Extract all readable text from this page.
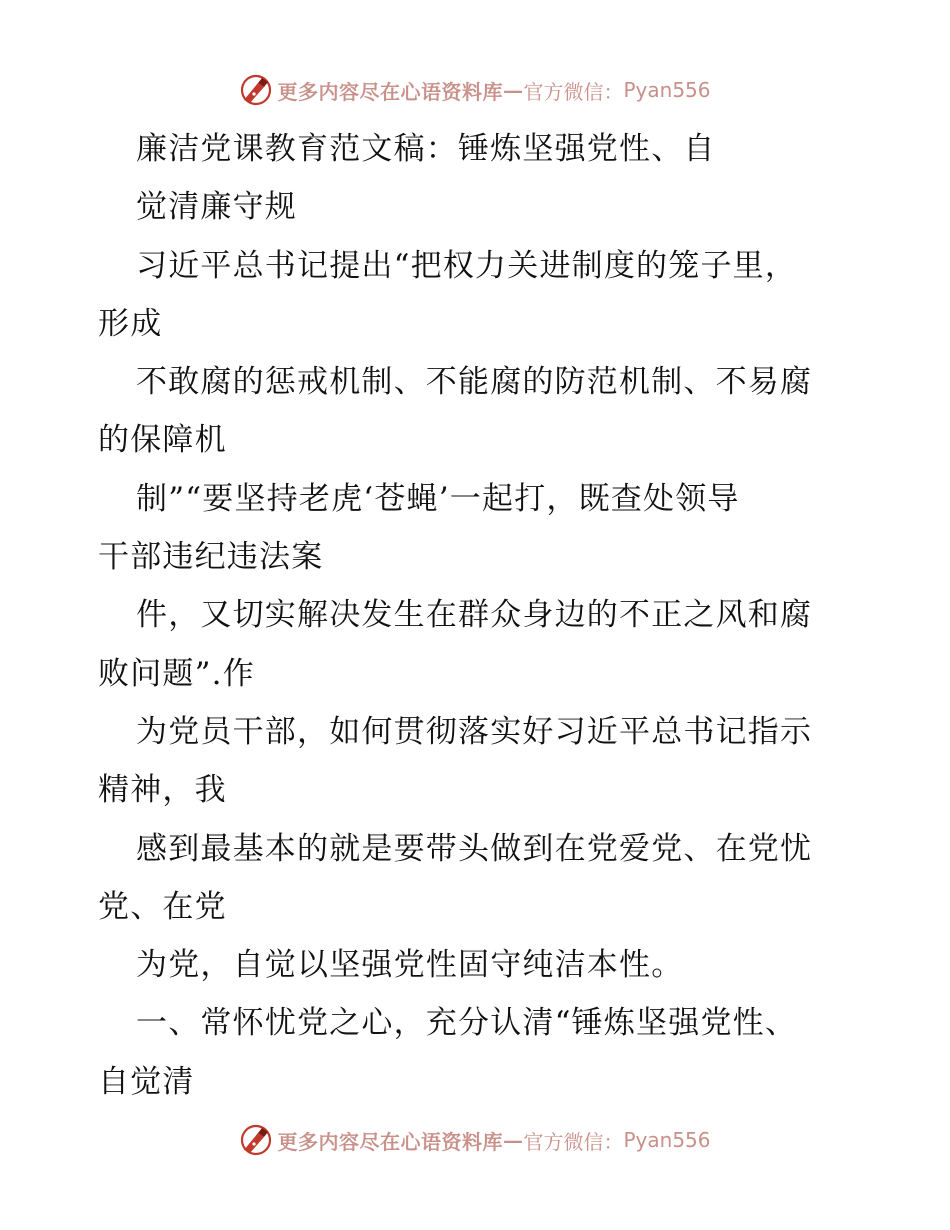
更多内容尽在心语资料库 — 官方微信： Pyan556
廉洁党课教育范文稿：锤炼坚强党性、自
觉清廉守规
习近平总书记提出“把权力关进制度的笼子里，
形成
不敢腐的惩戒机制、不能腐的防范机制、不易腐
的保障机
制”“要坚持老虎‘苍蝇’一起打，既查处领导
干部违纪违法案
件，又切实解决发生在群众身边的不正之风和腐
败问题”.作
为党员干部，如何贯彻落实好习近平总书记指示
精神，我
感到最基本的就是要带头做到在党爱党、在党忧
党、在党
为党，自觉以坚强党性固守纯洁本性。
一、常怀忧党之心，充分认清“锤炼坚强党性、
自觉清
更多内容尽在心语资料库 — 官方微信： Pyan556
